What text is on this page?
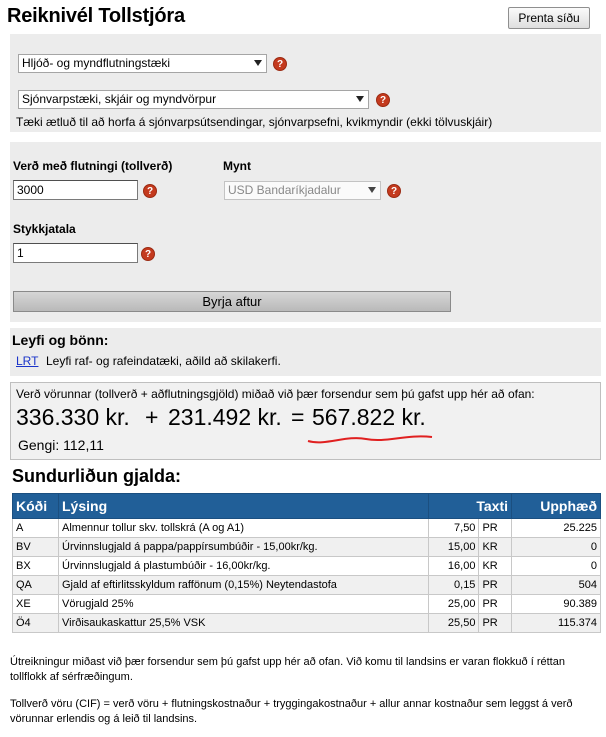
Reiknivél Tollstjóra	Prenta síðu
Hljóð- og myndflutningstæki	?
Sjónvarpstæki, skjáir og myndvörpur	?
Tæki ætluð til að horfa á sjónvarpsútsendingar, sjónvarpsefni, kvikmyndir (ekki tölvuskjáir)
Verð með flutningi (tollverð)
3000
?
Mynt
USD Bandaríkjadalur	?
Stykkjatala
1
?
Byrja aftur
Leyfi og bönn:
LRT Leyfi raf- og rafeindatæki, aðild að skilakerfi.
Verð vörunnar (tollverð + aðflutningsgjöld) miðað við þær forsendur sem þú gafst upp hér að ofan:
336.330 kr. + 231.492 kr. = 567.822 kr.
Gengi: 112,11
Sundurliðun gjalda:
Kóði	Lýsing	Taxti		Upphæð
A	Almennur tollur skv. tollskrá (A og A1)	7,50	PR	25.225
BV	Úrvinnslugjald á pappa/pappírsumbúðir - 15,00kr/kg.	15,00	KR	0
BX	Úrvinnslugjald á plastumbúðir - 16,00kr/kg.	16,00	KR	0
QA	Gjald af eftirlitsskyldum raffönum (0,15%) Neytendastofa	0,15	PR	504
XE	Vörugjald 25%	25,00	PR	90.389
Ö4	Virðisaukaskattur 25,5% VSK	25,50	PR	115.374
Útreikningur miðast við þær forsendur sem þú gafst upp hér að ofan. Við komu til landsins er varan flokkuð í réttan tollflokk af sérfræðingum.
Tollverð vöru (CIF) = verð vöru + flutningskostnaður + tryggingakostnaður + allur annar kostnaður sem leggst á verð vörunnar erlendis og á leið til landsins.
